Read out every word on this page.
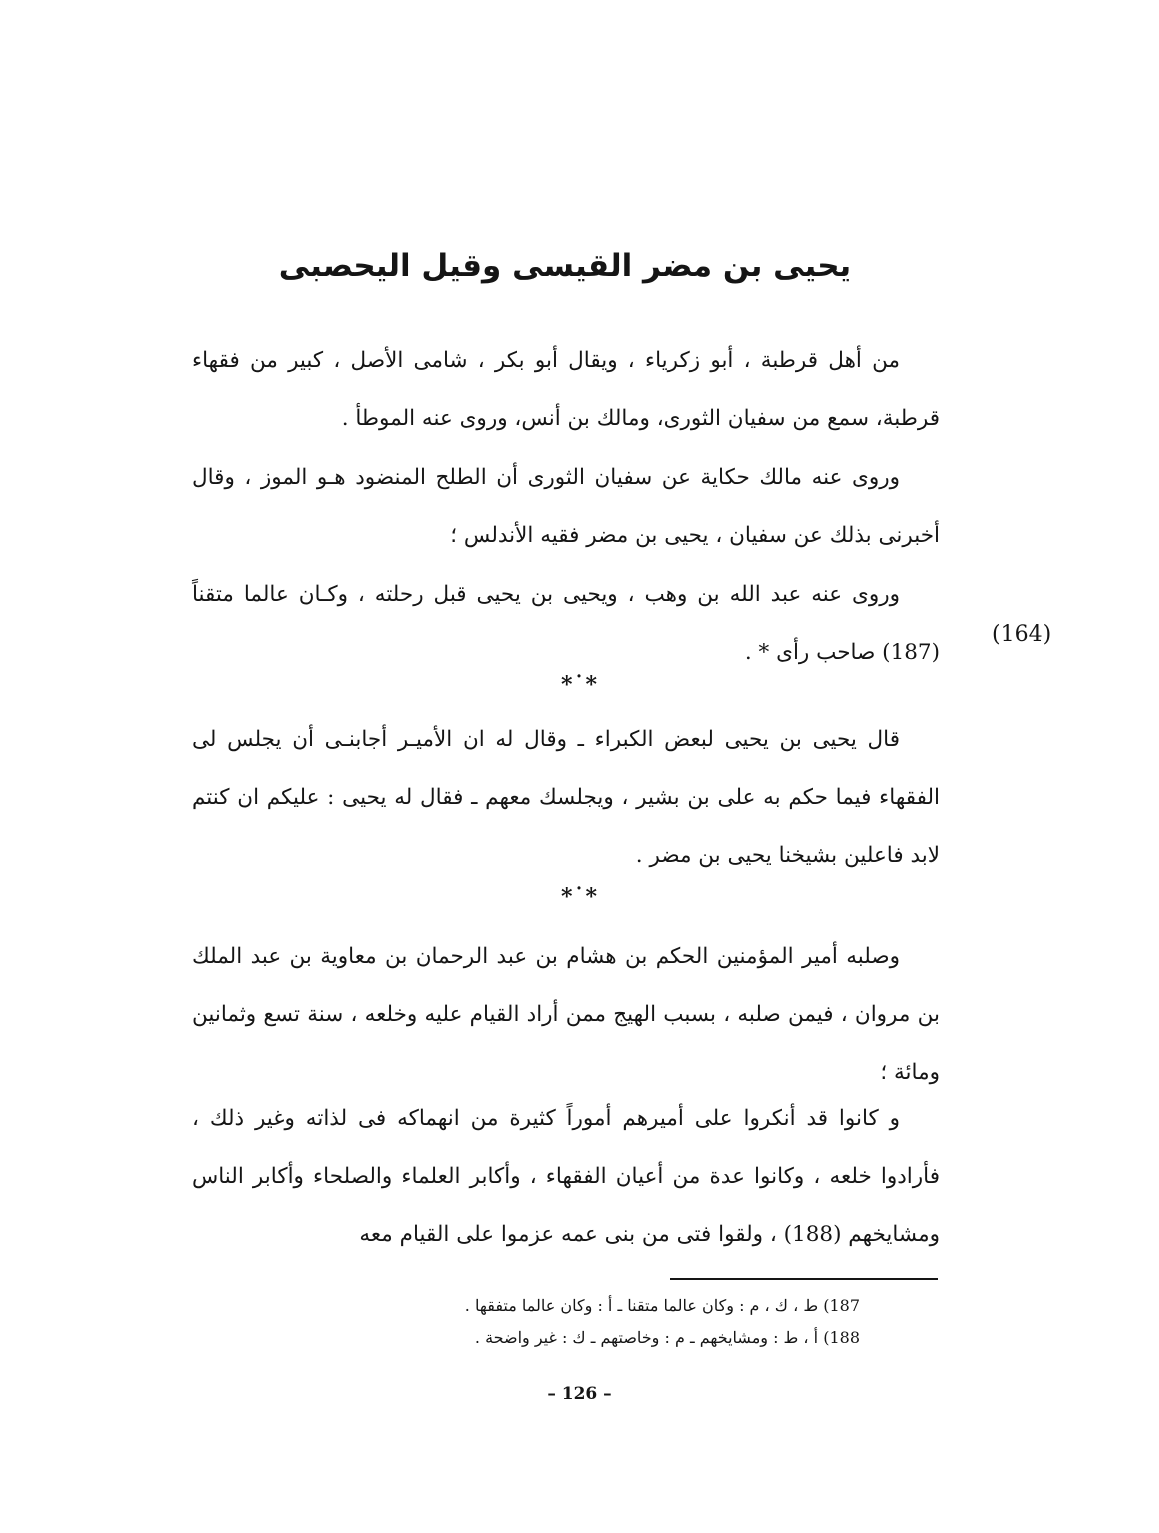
يحيى بن مضر القيسى وقيل اليحصبى

من أهل قرطبة ، أبو زكرياء ، ويقال أبو بكر ، شامى الأصل ، كبير من فقهاء قرطبة، سمع من سفيان الثورى، ومالك بن أنس، وروى عنه الموطأ .

وروى عنه مالك حكاية عن سفيان الثورى أن الطلح المنضود هـو الموز ، وقال أخبرنى بذلك عن سفيان ، يحيى بن مضر فقيه الأندلس ؛

وروى عنه عبد الله بن وهب ، ويحيى بن يحيى قبل رحلته ، وكـان عالما متقناً (187) صاحب رأى * .

(164)
*˙*

قال يحيى بن يحيى لبعض الكبراء ـ وقال له ان الأميـر أجابنـى أن يجلس لى الفقهاء فيما حكم به على بن بشير ، ويجلسك معهم ـ فقال له يحيى : عليكم ان كنتم لابد فاعلين بشيخنا يحيى بن مضر .

*˙*

وصلبه أمير المؤمنين الحكم بن هشام بن عبد الرحمان بن معاوية بن عبد الملك بن مروان ، فيمن صلبه ، بسبب الهيج ممن أراد القيام عليه وخلعه ، سنة تسع وثمانين ومائة ؛

و كانوا قد أنكروا على أميرهم أموراً كثيرة من انهماكه فى لذاته وغير ذلك ، فأرادوا خلعه ، وكانوا عدة من أعيان الفقهاء ، وأكابر العلماء والصلحاء وأكابر الناس ومشايخهم (188) ، ولقوا فتى من بنى عمه عزموا على القيام معه

187) ط ، ك ، م : وكان عالما متقنا ـ أ : وكان عالما متفقها .
188) أ ، ط : ومشايخهم ـ م : وخاصتهم ـ ك : غير واضحة .
– 126 –
